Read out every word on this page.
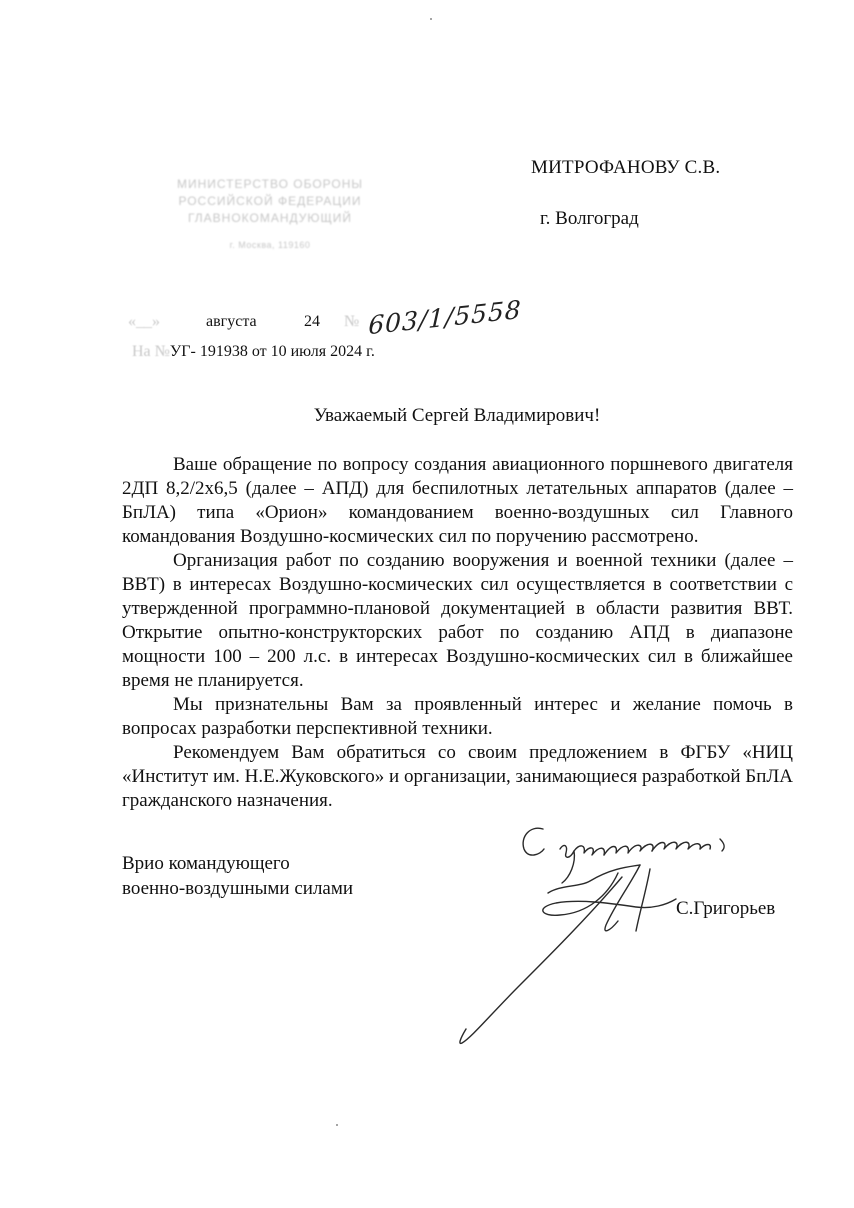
МИТРОФАНОВУ С.В.
г. Волгоград
МИНИСТЕРСТВО ОБОРОНЫ
РОССИЙСКОЙ ФЕДЕРАЦИИ
ГЛАВНОКОМАНДУЮЩИЙ
г. Москва, 119160
«__»	августа	24 № 603/1/5558
На №УГ- 191938 от 10 июля 2024 г.
Уважаемый Сергей Владимирович!

Ваше обращение по вопросу создания авиационного поршневого двигателя 2ДП 8,2/2х6,5 (далее – АПД) для беспилотных летательных аппаратов (далее – БпЛА) типа «Орион» командованием военно-воздушных сил Главного командования Воздушно-космических сил по поручению рассмотрено.

Организация работ по созданию вооружения и военной техники (далее – ВВТ) в интересах Воздушно-космических сил осуществляется в соответствии с утвержденной программно-плановой документацией в области развития ВВТ. Открытие опытно-конструкторских работ по созданию АПД в диапазоне мощности 100 – 200 л.с. в интересах Воздушно-космических сил в ближайшее время не планируется.

Мы признательны Вам за проявленный интерес и желание помочь в вопросах разработки перспективной техники.

Рекомендуем Вам обратиться со своим предложением в ФГБУ «НИЦ «Институт им. Н.Е.Жуковского» и организации, занимающиеся разработкой БпЛА гражданского назначения.

Врио командующего
военно-воздушными силами
С.Григорьев
